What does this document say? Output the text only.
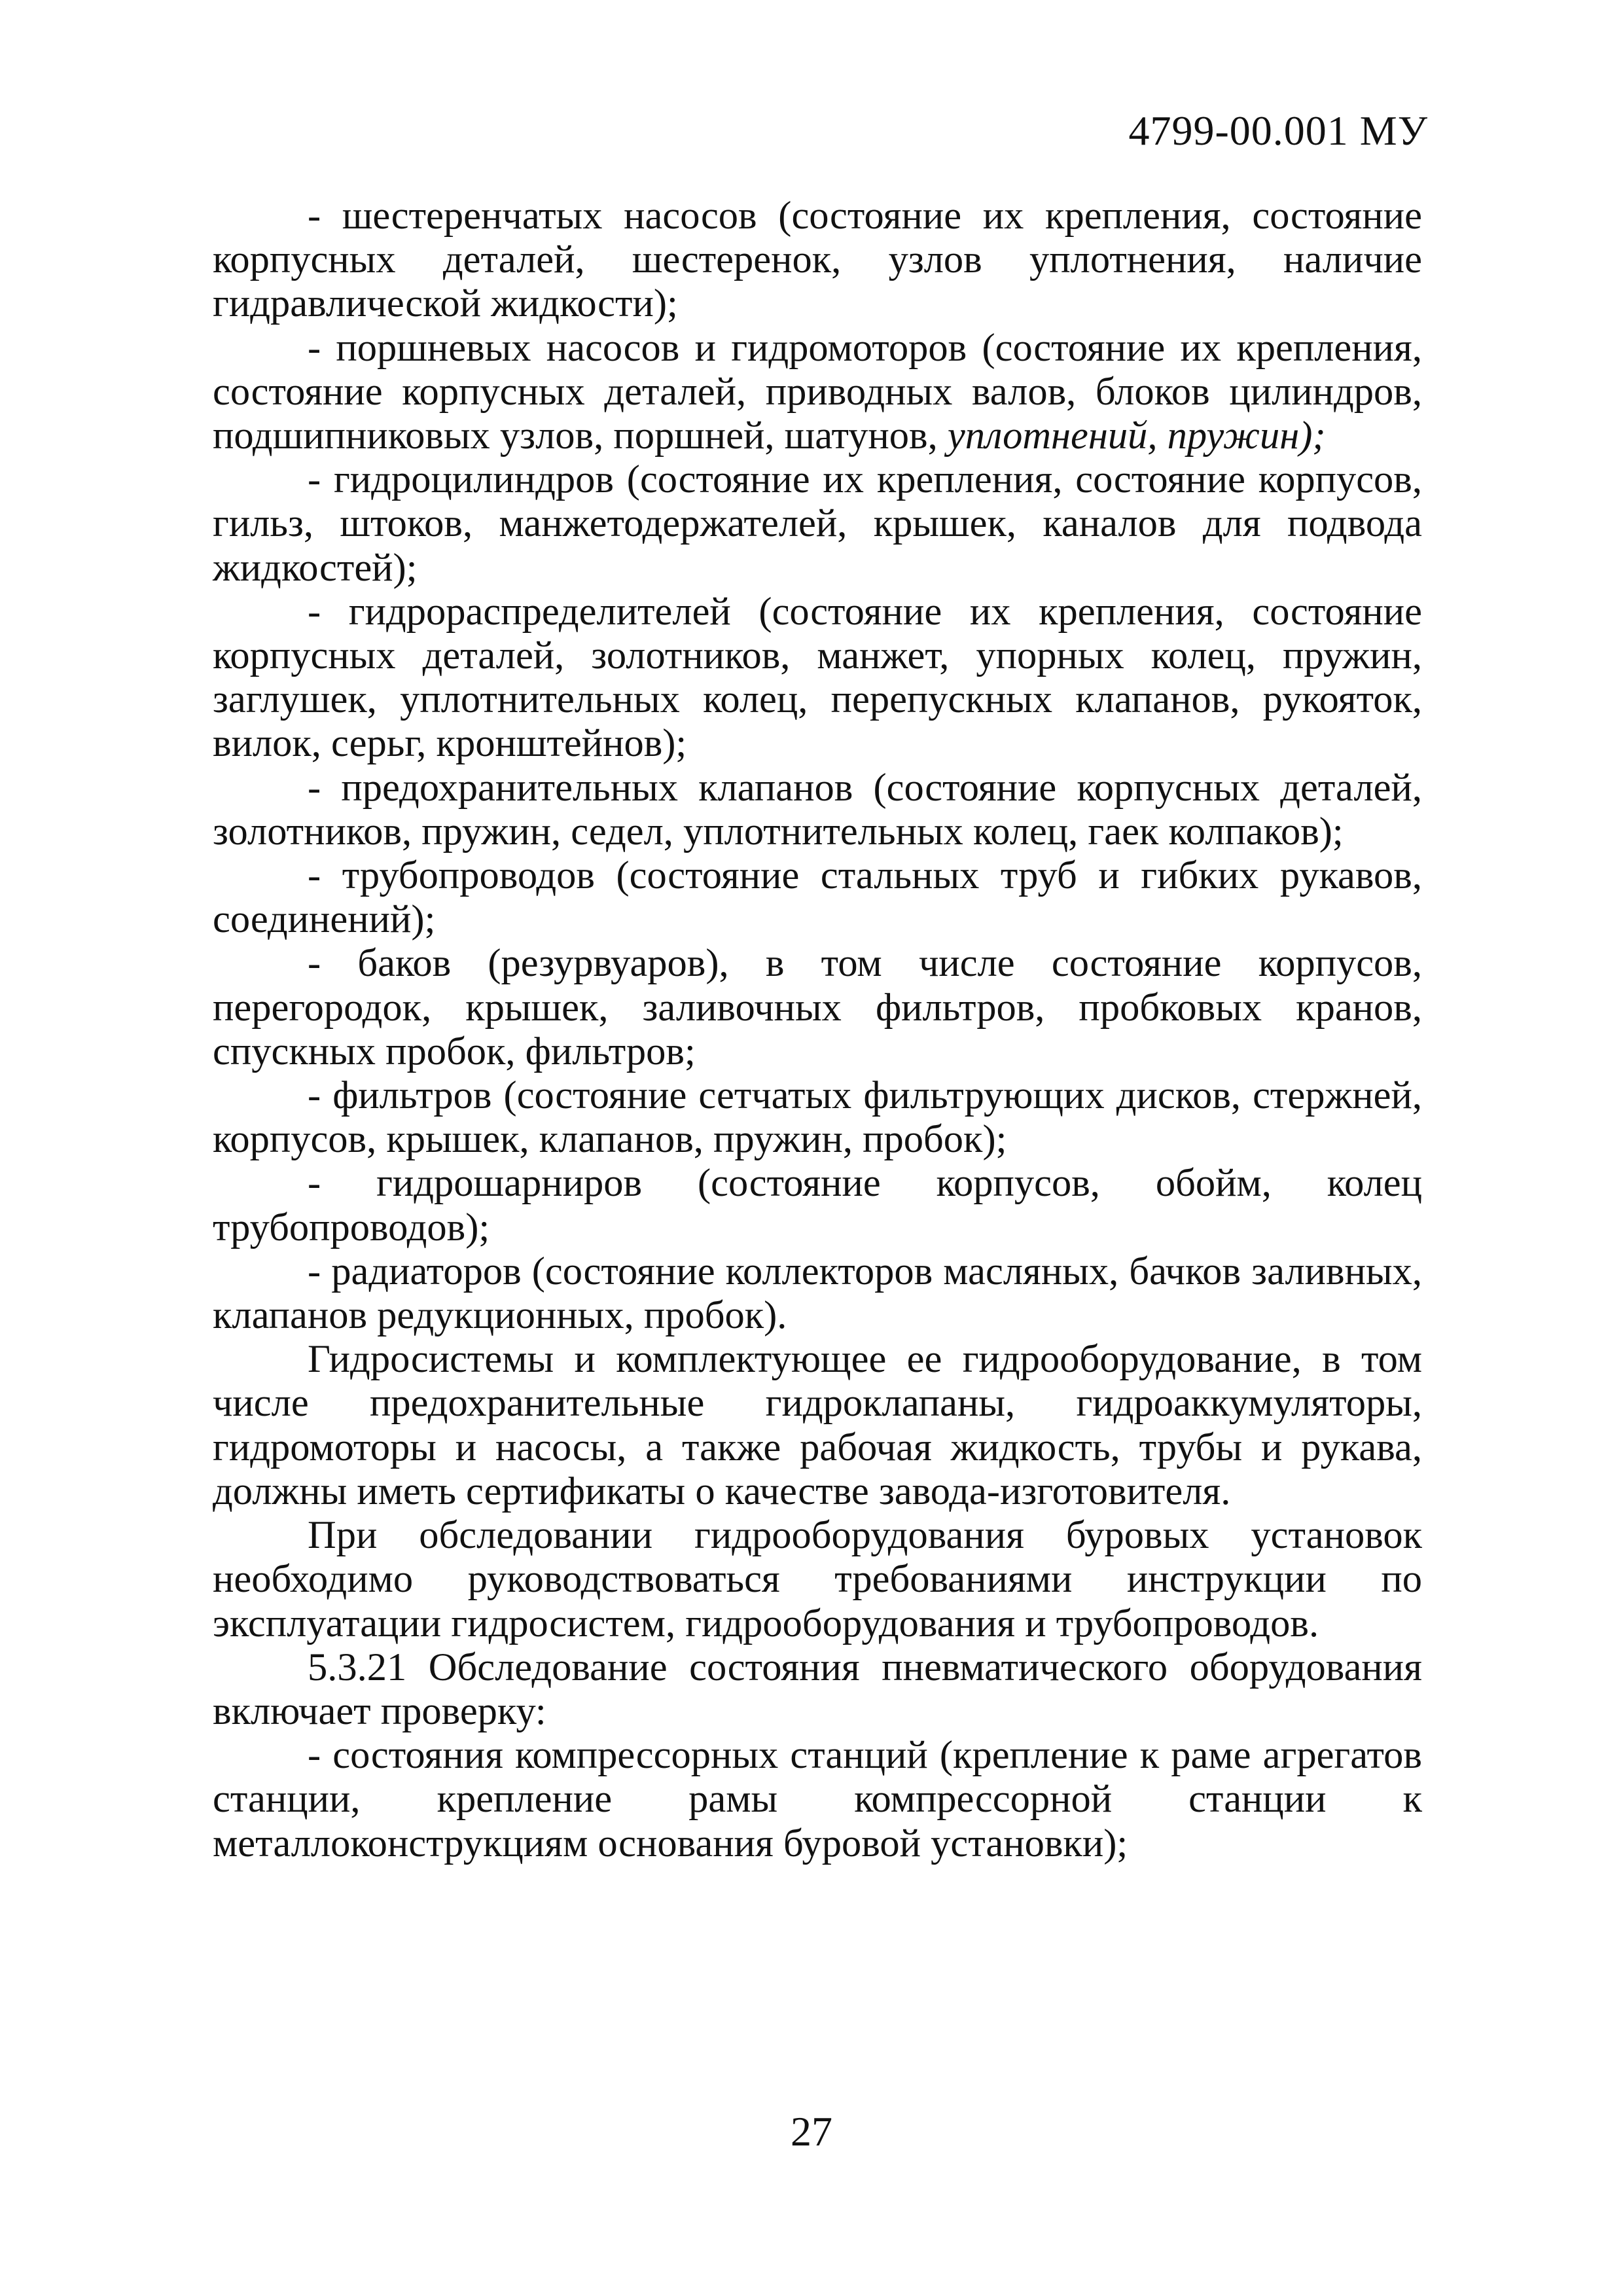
4799-00.001 МУ

- шестеренчатых насосов (состояние их крепления, состояние корпусных деталей, шестеренок, узлов уплотнения, наличие гидравлической жидкости);

- поршневых насосов и гидромоторов (состояние их крепления, состояние корпусных деталей, приводных валов, блоков цилиндров, подшипниковых узлов, поршней, шатунов, уплотнений, пружин);

- гидроцилиндров (состояние их крепления, состояние корпусов, гильз, штоков, манжетодержателей, крышек, каналов для подвода жидкостей);

- гидрораспределителей (состояние их крепления, состояние корпусных деталей, золотников, манжет, упорных колец, пружин, заглушек, уплотнительных колец, перепускных клапанов, рукояток, вилок, серьг, кронштейнов);

- предохранительных клапанов (состояние корпусных деталей, золотников, пружин, седел, уплотнительных колец, гаек колпаков);

- трубопроводов (состояние стальных труб и гибких рукавов, соединений);

- баков (резурвуаров), в том числе состояние корпусов, перегородок, крышек, заливочных фильтров, пробковых кранов, спускных пробок, фильтров;

- фильтров (состояние сетчатых фильтрующих дисков, стержней, корпусов, крышек, клапанов, пружин, пробок);

- гидрошарниров (состояние корпусов, обойм, колец трубопроводов);

- радиаторов (состояние коллекторов масляных, бачков заливных, клапанов редукционных, пробок).

Гидросистемы и комплектующее ее гидрооборудование, в том числе предохранительные гидроклапаны, гидроаккумуляторы, гидромоторы и насосы, а также рабочая жидкость, трубы и рукава, должны иметь сертификаты о качестве завода-изготовителя.

При обследовании гидрооборудования буровых установок необходимо руководствоваться требованиями инструкции по эксплуатации гидросистем, гидрооборудования и трубопроводов.

5.3.21 Обследование состояния пневматического оборудования включает проверку:

- состояния компрессорных станций (крепление к раме агрегатов станции, крепление рамы компрессорной станции к металлоконструкциям основания буровой установки);

27
